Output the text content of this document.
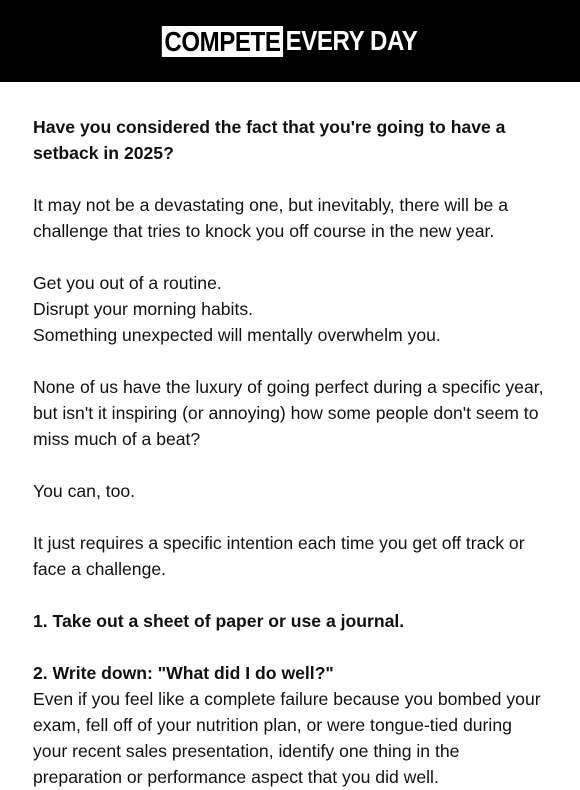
COMPETE EVERY DAY

Have you considered the fact that you're going to have a setback in 2025?

It may not be a devastating one, but inevitably, there will be a challenge that tries to knock you off course in the new year.

Get you out of a routine.
Disrupt your morning habits.
Something unexpected will mentally overwhelm you.

None of us have the luxury of going perfect during a specific year, but isn't it inspiring (or annoying) how some people don't seem to miss much of a beat?

You can, too.

It just requires a specific intention each time you get off track or face a challenge.

1. Take out a sheet of paper or use a journal.

2. Write down: "What did I do well?"
Even if you feel like a complete failure because you bombed your exam, fell off of your nutrition plan, or were tongue-tied during your recent sales presentation, identify one thing in the preparation or performance aspect that you did well.
